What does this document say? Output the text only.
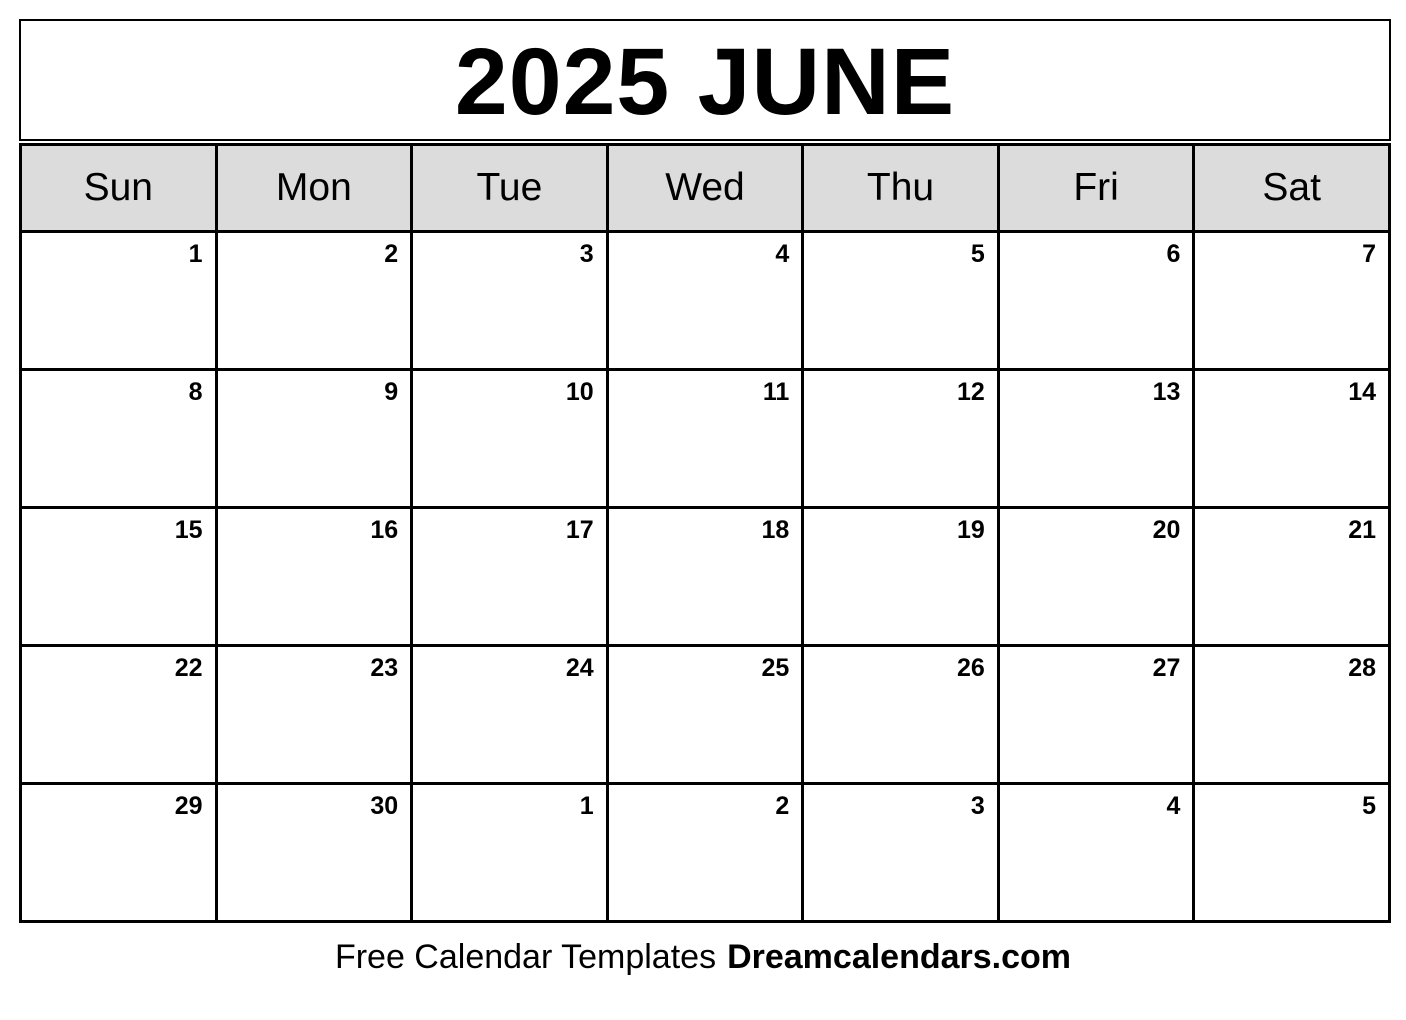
2025 JUNE
Sun	Mon	Tue	Wed	Thu	Fri	Sat
1	2	3	4	5	6	7
8	9	10	11	12	13	14
15	16	17	18	19	20	21
22	23	24	25	26	27	28
29	30	1	2	3	4	5
Free Calendar Templates Dreamcalendars.com
